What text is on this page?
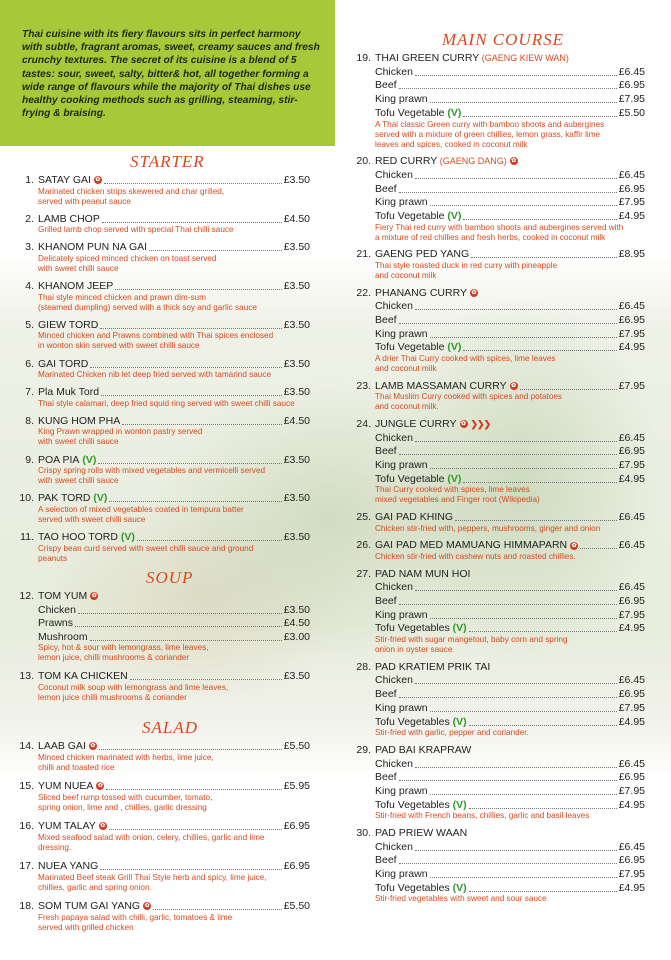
Thai cuisine with its fiery flavours sits in perfect harmony with subtle, fragrant aromas, sweet, creamy sauces and fresh crunchy textures. The secret of its cuisine is a blend of 5 tastes: sour, sweet, salty, bitter& hot, all together forming a wide range of flavours while the majority of Thai dishes use healthy cooking methods such as grilling, steaming, stir-frying & braising.

STARTER
1. SATAY GAI ✿	£3.50
Marinated chicken strips skewered and char grilled,
served with peanut sauce
2. LAMB CHOP	£4.50
Grilled lamb chop served with special Thai chilli sauce
3. KHANOM PUN NA GAI	£3.50
Delicately spiced minced chicken on toast served
with sweet chilli sauce
4. KHANOM JEEP	£3.50
Thai style minced chicken and prawn dim-sum
(steamed dumpling) served with a thick soy and garlic sauce
5. GIEW TORD	£3.50
Minced chicken and Prawns combined with Thai spices enclosed
in wonton skin served with sweet chilli sauce
6. GAI TORD	£3.50
Marinated Chicken nib let deep fried served with tamarind sauce
7. Pla Muk Tord	£3.50
Thai style calamari, deep fried squid ring served with sweet chilli sauce
8. KUNG HOM PHA	£4.50
King Prawn wrapped in wonton pastry served
with sweet chilli sauce
9. POA PIA (V)	£3.50
Crispy spring rolls with mixed vegetables and vermicelli served
with sweet chilli sauce
10. PAK TORD (V)	£3.50
A selection of mixed vegetables coated in tempura batter
served with sweet chilli sauce
11. TAO HOO TORD (V)	£3.50
Crispy bean curd served with sweet chilli sauce and ground
peanuts
SOUP
12. TOM YUM ✿
Chicken	£3.50
Prawns	£4.50
Mushroom	£3.00
Spicy, hot & sour with lemongrass, lime leaves,
lemon juice, chilli mushrooms & coriander
13. TOM KA CHICKEN	£3.50
Coconut milk soup with lemongrass and lime leaves,
lemon juice chilli mushrooms & coriander
SALAD
14. LAAB GAI ✿	£5.50
Minced chicken marinated with herbs, lime juice,
chilli and toasted rice
15. YUM NUEA ✿	£5.95
Sliced beef rump tossed with cucumber, tomato,
spring onion, lime and , chillies, garlic dressing
16. YUM TALAY ✿	£6.95
Mixed seafood salad with onion, celery, chillies, garlic and lime
dressing.
17. NUEA YANG	£6.95
Marinated Beef steak Grill Thai Style herb and spicy, lime juice,
chillies, garlic and spring onion.
18. SOM TUM GAI YANG ✿	£5.50
Fresh papaya salad with chilli, garlic, tomatoes & lime
served with grilled chicken
MAIN COURSE
19. THAI GREEN CURRY (GAENG KIEW WAN)
Chicken	£6.45
Beef	£6.95
King prawn	£7.95
Tofu Vegetable (V)	£5.50
A Thai classic Green curry with bamboo shoots and aubergines
served with a mixture of green chillies, lemon grass, kaffir lime
leaves and spices, cooked in coconut milk
20. RED CURRY (GAENG DANG) ✿
Chicken	£6.45
Beef	£6.95
King prawn	£7.95
Tofu Vegetable (V)	£4.95
Fiery Thai red curry with bamboo shoots and aubergines served with
a mixture of red chillies and fresh herbs, cooked in coconut milk
21. GAENG PED YANG	£8.95
Thai style roasted duck in red curry with pineapple
and coconut milk
22. PHANANG CURRY ✿
Chicken	£6.45
Beef	£6.95
King prawn	£7.95
Tofu Vegetable (V)	£4.95
A drier Thai Curry cooked with spices, lime leaves
and coconut milk
23. LAMB MASSAMAN CURRY ✿	£7.95
Thai Muslim Curry cooked with spices and potatoes
and coconut milk.
24. JUNGLE CURRY ✿ ❯❯❯
Chicken	£6.45
Beef	£6.95
King prawn	£7.95
Tofu Vegetable (V)	£4.95
Thai Curry cooked with spices, lime leaves
mixed vegetables and Finger root (Wikipedia)
25. GAI PAD KHING	£6.45
Chicken stir-fried with, peppers, mushrooms, ginger and onion
26. GAI PAD MED MAMUANG HIMMAPARN ✿	£6.45
Chicken stir-fried with cashew nuts and roasted chillies.
27. PAD NAM MUN HOI
Chicken	£6.45
Beef	£6.95
King prawn	£7.95
Tofu Vegetables (V)	£4.95
Stir-fried with sugar mangetout, baby corn and spring
onion in oyster sauce
28. PAD KRATIEM PRIK TAI
Chicken	£6.45
Beef	£6.95
King prawn	£7.95
Tofu Vegetables (V)	£4.95
Stir-fried with garlic, pepper and coriander.
29. PAD BAI KRAPRAW
Chicken	£6.45
Beef	£6.95
King prawn	£7.95
Tofu Vegetables (V)	£4.95
Stir-fried with French beans, chillies, garlic and basil leaves
30. PAD PRIEW WAAN
Chicken	£6.45
Beef	£6.95
King prawn	£7.95
Tofu Vegetables (V)	£4.95
Stir-fried vegetables with sweet and sour sauce
